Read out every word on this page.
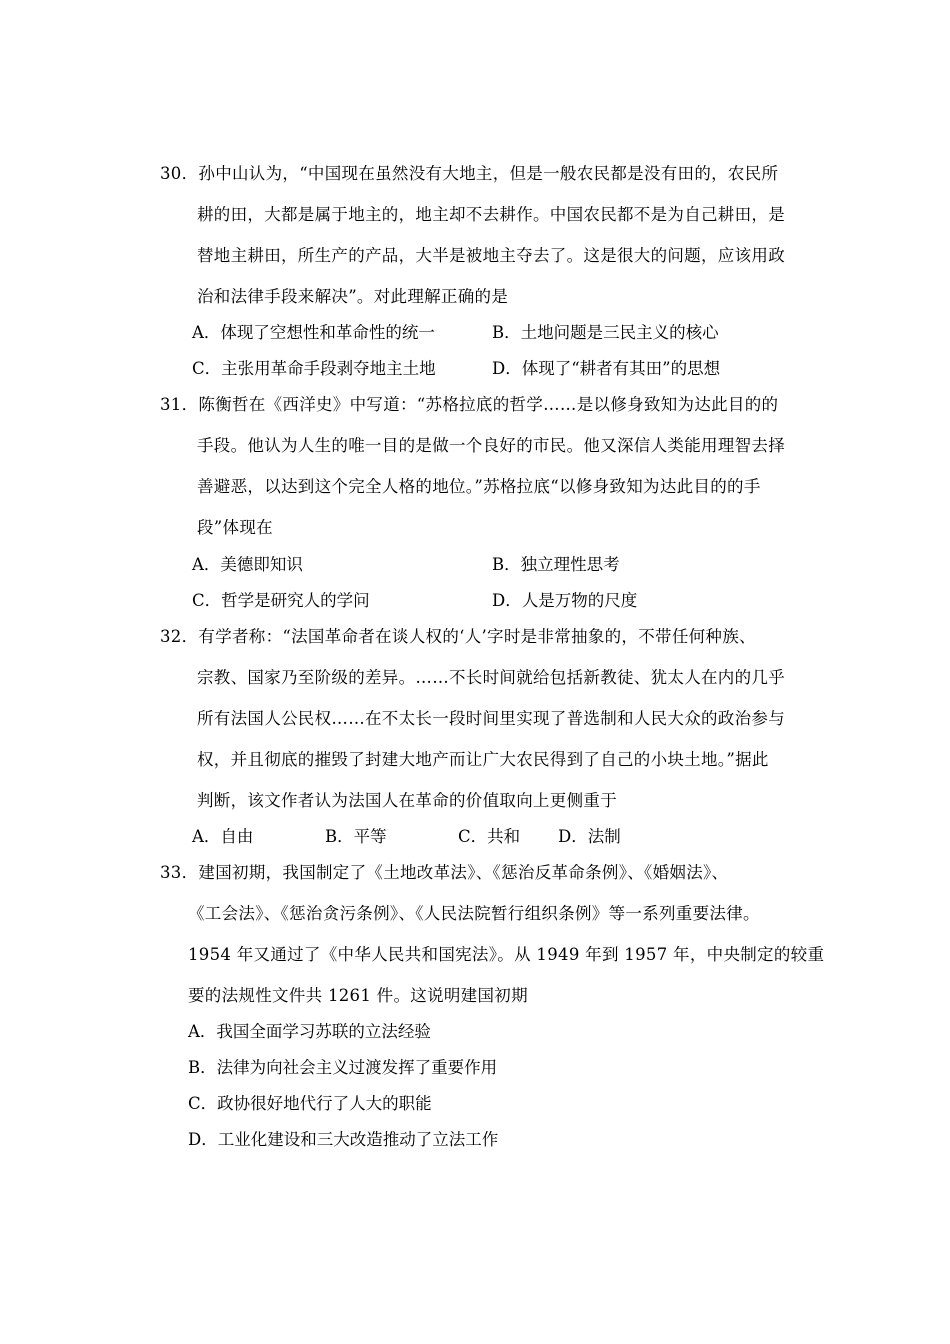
30．孙中山认为，“中国现在虽然没有大地主，但是一般农民都是没有田的，农民所
耕的田，大都是属于地主的，地主却不去耕作。中国农民都不是为自己耕田，是
替地主耕田，所生产的产品，大半是被地主夺去了。这是很大的问题，应该用政
治和法律手段来解决”。对此理解正确的是
A．体现了空想性和革命性的统一	B．土地问题是三民主义的核心
C．主张用革命手段剥夺地主土地	D．体现了“耕者有其田”的思想
31．陈衡哲在《西洋史》中写道：“苏格拉底的哲学……是以修身致知为达此目的的
手段。他认为人生的唯一目的是做一个良好的市民。他又深信人类能用理智去择
善避恶，以达到这个完全人格的地位。”苏格拉底“以修身致知为达此目的的手
段”体现在
A．美德即知识	B．独立理性思考
C．哲学是研究人的学问	D．人是万物的尺度
32．有学者称：“法国革命者在谈人权的‘人’字时是非常抽象的，不带任何种族、
宗教、国家乃至阶级的差异。……不长时间就给包括新教徒、犹太人在内的几乎
所有法国人公民权……在不太长一段时间里实现了普选制和人民大众的政治参与
权，并且彻底的摧毁了封建大地产而让广大农民得到了自己的小块土地。”据此
判断，该文作者认为法国人在革命的价值取向上更侧重于
A．自由	B．平等	C．共和 D．法制
33．建国初期，我国制定了《土地改革法》、《惩治反革命条例》、《婚姻法》、
《工会法》、《惩治贪污条例》、《人民法院暂行组织条例》等一系列重要法律。
1954 年又通过了《中华人民共和国宪法》。从 1949 年到 1957 年，中央制定的较重
要的法规性文件共 1261 件。这说明建国初期
A．我国全面学习苏联的立法经验
B．法律为向社会主义过渡发挥了重要作用
C．政协很好地代行了人大的职能
D．工业化建设和三大改造推动了立法工作
